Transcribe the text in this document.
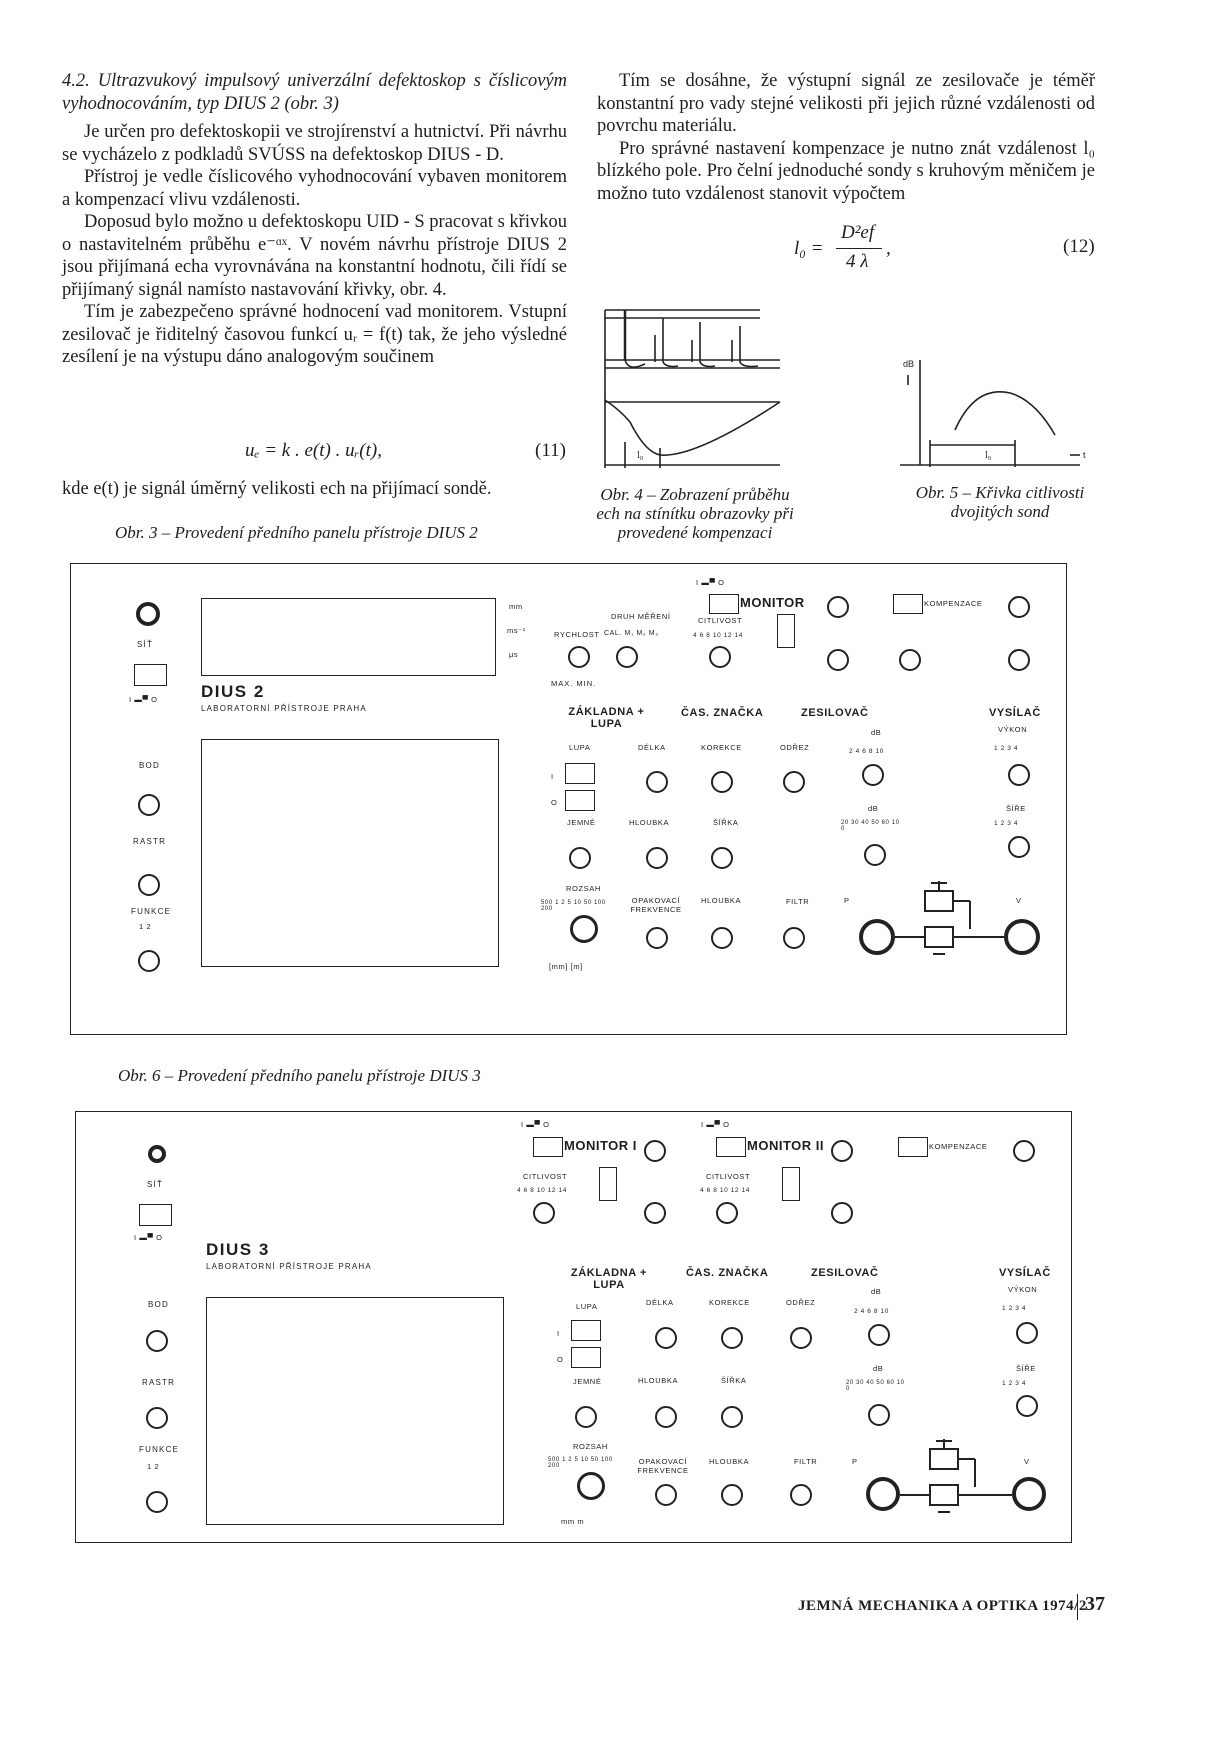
4.2. Ultrazvukový impulsový univerzální defektoskop s číslicovým vyhodnocováním, typ DIUS 2 (obr. 3)

Je určen pro defektoskopii ve strojírenství a hutnictví. Při návrhu se vycházelo z podkladů SVÚSS na defektoskop DIUS - D.

Přístroj je vedle číslicového vyhodnocování vybaven monitorem a kompenzací vlivu vzdálenosti.

Doposud bylo možno u defektoskopu UID - S pracovat s křivkou o nastavitelném průběhu e⁻ᵅˣ. V novém návrhu přístroje DIUS 2 jsou přijímaná echa vyrovnávána na konstantní hodnotu, čili řídí se přijímaný signál namísto nastavování křivky, obr. 4.

Tím je zabezpečeno správné hodnocení vad monitorem. Vstupní zesilovač je řiditelný časovou funkcí uᵣ = f(t) tak, že jeho výsledné zesílení je na výstupu dáno analogovým součinem

uₑ = k . e(t) . uᵣ(t),	(11)

kde e(t) je signál úměrný velikosti ech na přijímací sondě.

Obr. 3 – Provedení předního panelu přístroje DIUS 2

Tím se dosáhne, že výstupní signál ze zesilovače je téměř konstantní pro vady stejné velikosti při jejich různé vzdálenosti od povrchu materiálu.

Pro správné nastavení kompenzace je nutno znát vzdálenost l₀ blízkého pole. Pro čelní jednoduché sondy s kruhovým měničem je možno tuto vzdálenost stanovit výpočtem

l₀ =
D²ef
4 λ
,	(12)
l₀
Obr. 4 – Zobrazení průběhu ech na stínítku obrazovky při provedené kompenzaci
dB
l₀	t
Obr. 5 – Křivka citlivosti dvojitých sond
SÍŤ
I ▬▀ O
BOD
RASTR
FUNKCE
1 2
mm
ms⁻¹
μs
DIUS 2
LABORATORNÍ PŘÍSTROJE PRAHA
RYCHLOST
MAX. MIN.
DRUH MĚŘENÍ
CAL. M₁ M₂ M₃
I ▬▀ O
CITLIVOST
4 6 8 10 12 14
MONITOR	KOMPENZACE
ZÁKLADNA + LUPA
ČAS. ZNAČKA	ZESILOVAČ	VYSÍLAČ
VÝKON
LUPA	DÉLKA	KOREKCE	ODŘEZ
dB
I
O
2 4 6 8 10	1 2 3 4
JEMNÉ	HLOUBKA	ŠÍŘKA
dB	ŠÍŘE
20 30 40 50 60 10 0
1 2 3 4
ROZSAH
500 1 2 5 10 50 100 200
[mm] [m]
OPAKOVACÍ FREKVENCE
HLOUBKA	FILTR	P	V
Obr. 6 – Provedení předního panelu přístroje DIUS 3
SÍŤ
I ▬▀ O
BOD
RASTR
FUNKCE
1 2
DIUS 3
LABORATORNÍ PŘÍSTROJE PRAHA
I ▬▀ O
MONITOR I
CITLIVOST
4 6 8 10 12 14
I ▬▀ O
MONITOR II
CITLIVOST
4 6 8 10 12 14
KOMPENZACE
ZÁKLADNA + LUPA
ČAS. ZNAČKA	ZESILOVAČ	VYSÍLAČ
VÝKON
LUPA	DÉLKA	KOREKCE	ODŘEZ
dB
I
O
2 4 6 8 10	1 2 3 4
JEMNÉ	HLOUBKA	ŠÍŘKA
dB	ŠÍŘE
20 30 40 50 60 10 0
1 2 3 4
ROZSAH
500 1 2 5 10 50 100 200
mm m
OPAKOVACÍ FREKVENCE
HLOUBKA	FILTR	P	V
JEMNÁ MECHANIKA A OPTIKA 1974/2
37
